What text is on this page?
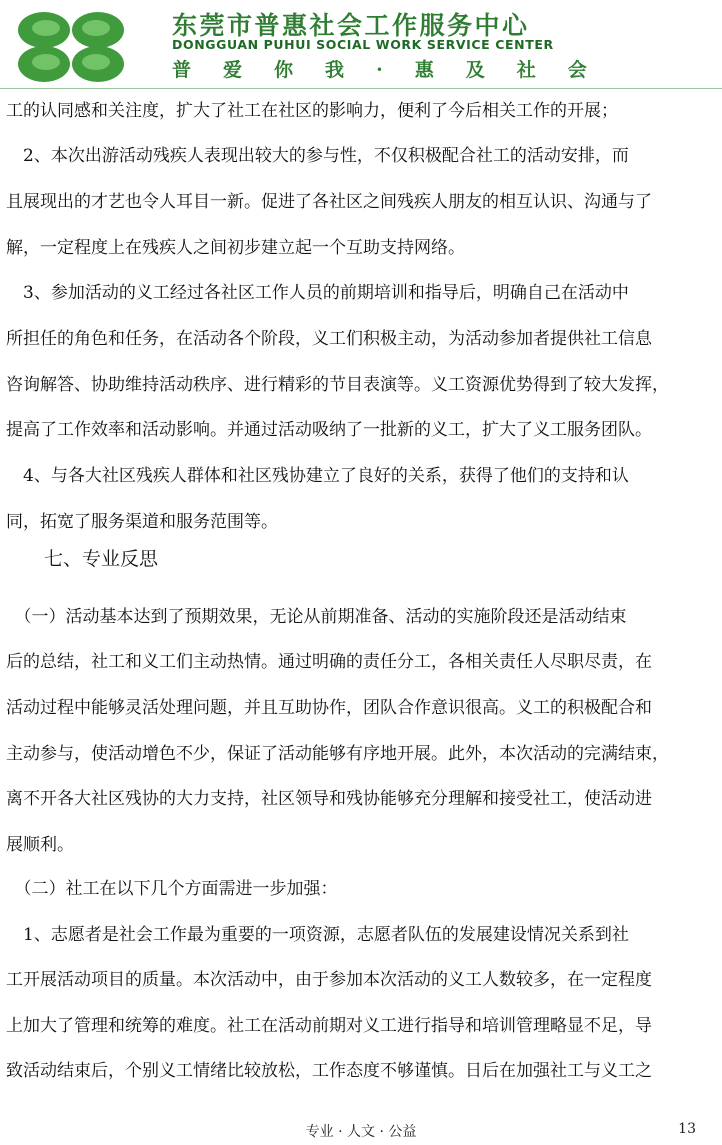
东莞市普惠社会工作服务中心
DONGGUAN PUHUI SOCIAL WORK SERVICE CENTER
普 爱 你 我 · 惠 及 社 会
工的认同感和关注度，扩大了社工在社区的影响力，便利了今后相关工作的开展；
　2、本次出游活动残疾人表现出较大的参与性，不仅积极配合社工的活动安排，而
且展现出的才艺也令人耳目一新。促进了各社区之间残疾人朋友的相互认识、沟通与了
解，一定程度上在残疾人之间初步建立起一个互助支持网络。
　3、参加活动的义工经过各社区工作人员的前期培训和指导后，明确自己在活动中
所担任的角色和任务，在活动各个阶段，义工们积极主动，为活动参加者提供社工信息
咨询解答、协助维持活动秩序、进行精彩的节目表演等。义工资源优势得到了较大发挥，
提高了工作效率和活动影响。并通过活动吸纳了一批新的义工，扩大了义工服务团队。
　4、与各大社区残疾人群体和社区残协建立了良好的关系，获得了他们的支持和认
同，拓宽了服务渠道和服务范围等。
　　七、专业反思
　（一）活动基本达到了预期效果，无论从前期准备、活动的实施阶段还是活动结束
后的总结，社工和义工们主动热情。通过明确的责任分工，各相关责任人尽职尽责，在
活动过程中能够灵活处理问题，并且互助协作，团队合作意识很高。义工的积极配合和
主动参与，使活动增色不少，保证了活动能够有序地开展。此外，本次活动的完满结束，
离不开各大社区残协的大力支持，社区领导和残协能够充分理解和接受社工，使活动进
展顺利。
　（二）社工在以下几个方面需进一步加强：
　1、志愿者是社会工作最为重要的一项资源，志愿者队伍的发展建设情况关系到社
工开展活动项目的质量。本次活动中，由于参加本次活动的义工人数较多，在一定程度
上加大了管理和统筹的难度。社工在活动前期对义工进行指导和培训管理略显不足，导
致活动结束后，个别义工情绪比较放松，工作态度不够谨慎。日后在加强社工与义工之
专业 · 人文 · 公益	13
